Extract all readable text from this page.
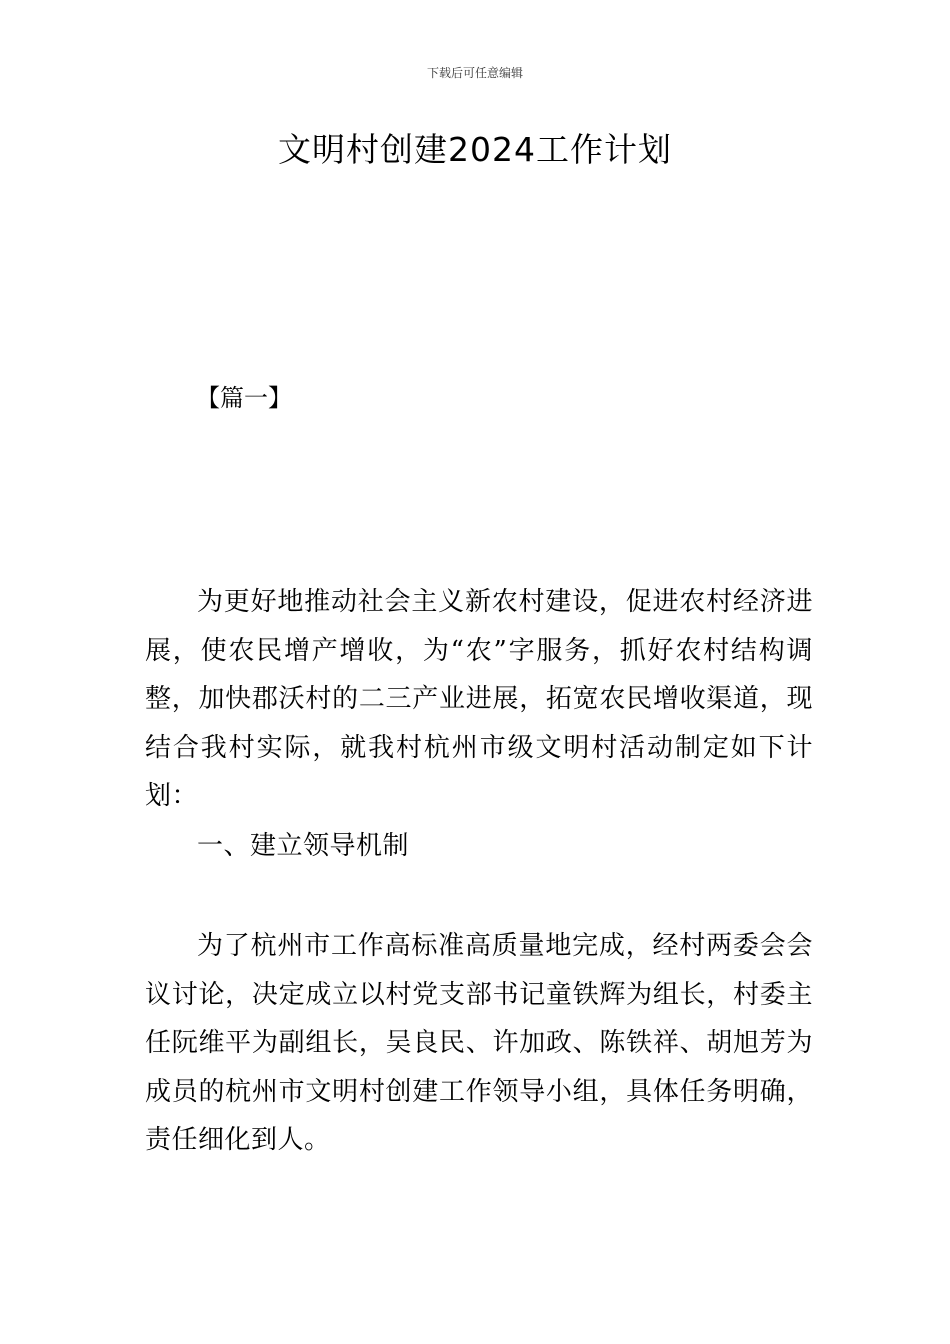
下载后可任意编辑
文明村创建2024工作计划
【篇一】

为更好地推动社会主义新农村建设，促进农村经济进展，使农民增产增收，为“农”字服务，抓好农村结构调整，加快郡沃村的二三产业进展，拓宽农民增收渠道，现结合我村实际，就我村杭州市级文明村活动制定如下计划：

一、建立领导机制

为了杭州市工作高标准高质量地完成，经村两委会会议讨论，决定成立以村党支部书记童铁辉为组长，村委主任阮维平为副组长，吴良民、许加政、陈铁祥、胡旭芳为成员的杭州市文明村创建工作领导小组，具体任务明确，责任细化到人。
